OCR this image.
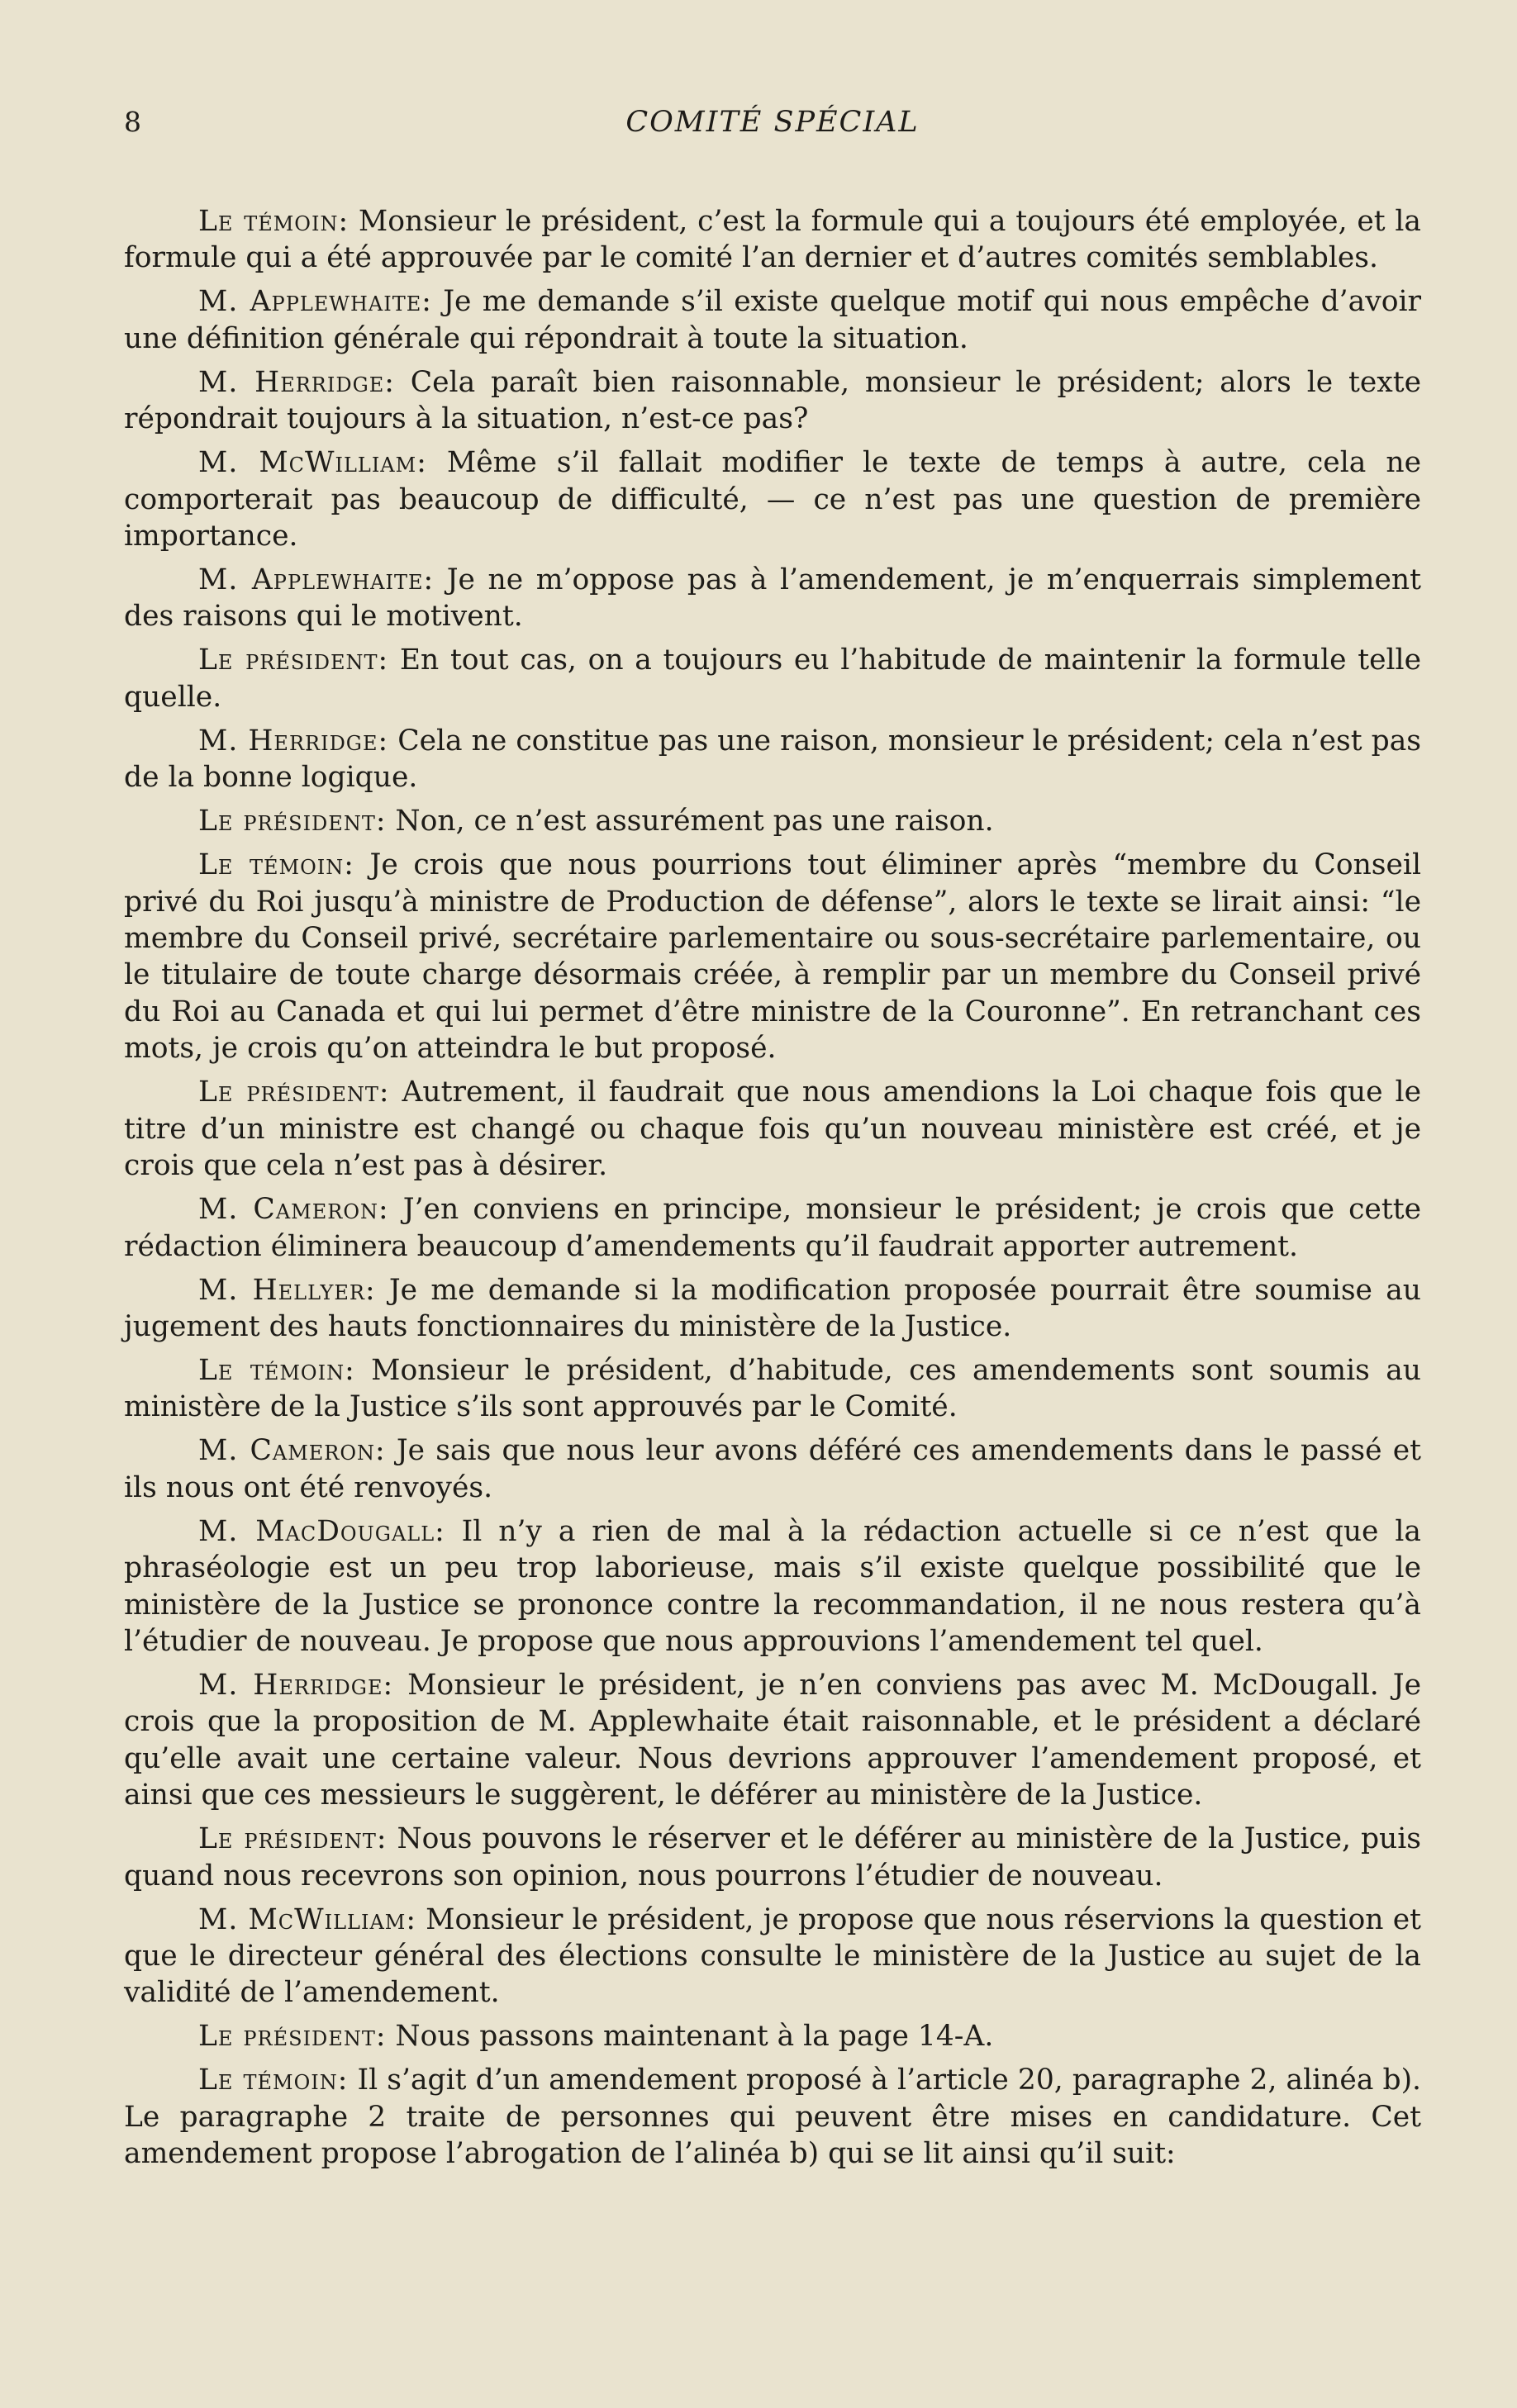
8	COMITÉ SPÉCIAL

Le témoin: Monsieur le président, c’est la formule qui a toujours été employée, et la formule qui a été approuvée par le comité l’an dernier et d’autres comités semblables.

M. Applewhaite: Je me demande s’il existe quelque motif qui nous empêche d’avoir une définition générale qui répondrait à toute la situation.

M. Herridge: Cela paraît bien raisonnable, monsieur le président; alors le texte répondrait toujours à la situation, n’est-ce pas?

M. McWilliam: Même s’il fallait modifier le texte de temps à autre, cela ne comporterait pas beaucoup de difficulté, — ce n’est pas une question de première importance.

M. Applewhaite: Je ne m’oppose pas à l’amendement, je m’enquerrais simplement des raisons qui le motivent.

Le président: En tout cas, on a toujours eu l’habitude de maintenir la formule telle quelle.

M. Herridge: Cela ne constitue pas une raison, monsieur le président; cela n’est pas de la bonne logique.

Le président: Non, ce n’est assurément pas une raison.

Le témoin: Je crois que nous pourrions tout éliminer après “membre du Conseil privé du Roi jusqu’à ministre de Production de défense”, alors le texte se lirait ainsi: “le membre du Conseil privé, secrétaire parlementaire ou sous-secrétaire parlementaire, ou le titulaire de toute charge désormais créée, à remplir par un membre du Conseil privé du Roi au Canada et qui lui permet d’être ministre de la Couronne”. En retranchant ces mots, je crois qu’on atteindra le but proposé.

Le président: Autrement, il faudrait que nous amendions la Loi chaque fois que le titre d’un ministre est changé ou chaque fois qu’un nouveau ministère est créé, et je crois que cela n’est pas à désirer.

M. Cameron: J’en conviens en principe, monsieur le président; je crois que cette rédaction éliminera beaucoup d’amendements qu’il faudrait apporter autrement.

M. Hellyer: Je me demande si la modification proposée pourrait être soumise au jugement des hauts fonctionnaires du ministère de la Justice.

Le témoin: Monsieur le président, d’habitude, ces amendements sont soumis au ministère de la Justice s’ils sont approuvés par le Comité.

M. Cameron: Je sais que nous leur avons déféré ces amendements dans le passé et ils nous ont été renvoyés.

M. MacDougall: Il n’y a rien de mal à la rédaction actuelle si ce n’est que la phraséologie est un peu trop laborieuse, mais s’il existe quelque possibilité que le ministère de la Justice se prononce contre la recommandation, il ne nous restera qu’à l’étudier de nouveau. Je propose que nous approuvions l’amendement tel quel.

M. Herridge: Monsieur le président, je n’en conviens pas avec M. McDougall. Je crois que la proposition de M. Applewhaite était raisonnable, et le président a déclaré qu’elle avait une certaine valeur. Nous devrions approuver l’amendement proposé, et ainsi que ces messieurs le suggèrent, le déférer au ministère de la Justice.

Le président: Nous pouvons le réserver et le déférer au ministère de la Justice, puis quand nous recevrons son opinion, nous pourrons l’étudier de nouveau.

M. McWilliam: Monsieur le président, je propose que nous réservions la question et que le directeur général des élections consulte le ministère de la Justice au sujet de la validité de l’amendement.

Le président: Nous passons maintenant à la page 14-A.

Le témoin: Il s’agit d’un amendement proposé à l’article 20, paragraphe 2, alinéa b). Le paragraphe 2 traite de personnes qui peuvent être mises en candidature. Cet amendement propose l’abrogation de l’alinéa b) qui se lit ainsi qu’il suit:
